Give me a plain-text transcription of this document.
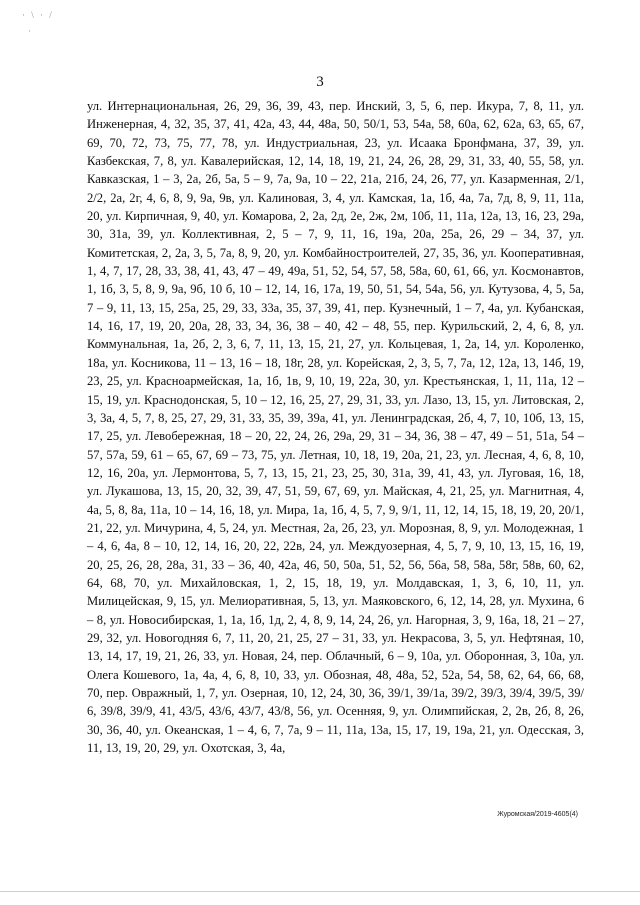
· \ · /
·
3

ул. Интернациональная, 26, 29, 36, 39, 43, пер. Инский, 3, 5, 6, пер. Икура, 7, 8, 11, ул. Инженерная, 4, 32, 35, 37, 41, 42а, 43, 44, 48а, 50, 50/1, 53, 54а, 58, 60а, 62, 62а, 63, 65, 67, 69, 70, 72, 73, 75, 77, 78, ул. Индустриальная, 23, ул. Исаака Бронфмана, 37, 39, ул. Казбекская, 7, 8, ул. Кавалерийская, 12, 14, 18, 19, 21, 24, 26, 28, 29, 31, 33, 40, 55, 58, ул. Кавказская, 1 – 3, 2а, 2б, 5а, 5 – 9, 7а, 9а, 10 – 22, 21а, 21б, 24, 26, 77, ул. Казарменная, 2/1, 2/2, 2а, 2г, 4, 6, 8, 9, 9а, 9в, ул. Калиновая, 3, 4, ул. Камская, 1а, 1б, 4а, 7а, 7д, 8, 9, 11, 11а, 20, ул. Кирпичная, 9, 40, ул. Комарова, 2, 2а, 2д, 2е, 2ж, 2м, 10б, 11, 11а, 12а, 13, 16, 23, 29а, 30, 31а, 39, ул. Коллективная, 2, 5 – 7, 9, 11, 16, 19а, 20а, 25а, 26, 29 – 34, 37, ул. Комитетская, 2, 2а, 3, 5, 7а, 8, 9, 20, ул. Комбайностроителей, 27, 35, 36, ул. Кооперативная, 1, 4, 7, 17, 28, 33, 38, 41, 43, 47 – 49, 49а, 51, 52, 54, 57, 58, 58а, 60, 61, 66, ул. Космонавтов, 1, 1б, 3, 5, 8, 9, 9а, 9б, 10 б, 10 – 12, 14, 16, 17а, 19, 50, 51, 54, 54а, 56, ул. Кутузова, 4, 5, 5а, 7 – 9, 11, 13, 15, 25а, 25, 29, 33, 33а, 35, 37, 39, 41, пер. Кузнечный, 1 – 7, 4а, ул. Кубанская, 14, 16, 17, 19, 20, 20а, 28, 33, 34, 36, 38 – 40, 42 – 48, 55, пер. Курильский, 2, 4, 6, 8, ул. Коммунальная, 1а, 2б, 2, 3, 6, 7, 11, 13, 15, 21, 27, ул. Кольцевая, 1, 2а, 14, ул. Короленко, 18а, ул. Косникова, 11 – 13, 16 – 18, 18г, 28, ул. Корейская, 2, 3, 5, 7, 7а, 12, 12а, 13, 14б, 19, 23, 25, ул. Красноармейская, 1а, 1б, 1в, 9, 10, 19, 22а, 30, ул. Крестьянская, 1, 11, 11а, 12 – 15, 19, ул. Краснодонская, 5, 10 – 12, 16, 25, 27, 29, 31, 33, ул. Лазо, 13, 15, ул. Литовская, 2, 3, 3а, 4, 5, 7, 8, 25, 27, 29, 31, 33, 35, 39, 39а, 41, ул. Ленинградская, 2б, 4, 7, 10, 10б, 13, 15, 17, 25, ул. Левобережная, 18 – 20, 22, 24, 26, 29а, 29, 31 – 34, 36, 38 – 47, 49 – 51, 51а, 54 – 57, 57а, 59, 61 – 65, 67, 69 – 73, 75, ул. Летная, 10, 18, 19, 20а, 21, 23, ул. Лесная, 4, 6, 8, 10, 12, 16, 20а, ул. Лермонтова, 5, 7, 13, 15, 21, 23, 25, 30, 31а, 39, 41, 43, ул. Луговая, 16, 18, ул. Лукашова, 13, 15, 20, 32, 39, 47, 51, 59, 67, 69, ул. Майская, 4, 21, 25, ул. Магнитная, 4, 4а, 5, 8, 8а, 11а, 10 – 14, 16, 18, ул. Мира, 1а, 1б, 4, 5, 7, 9, 9/1, 11, 12, 14, 15, 18, 19, 20, 20/1, 21, 22, ул. Мичурина, 4, 5, 24, ул. Местная, 2а, 2б, 23, ул. Морозная, 8, 9, ул. Молодежная, 1 – 4, 6, 4а, 8 – 10, 12, 14, 16, 20, 22, 22в, 24, ул. Междуозерная, 4, 5, 7, 9, 10, 13, 15, 16, 19, 20, 25, 26, 28, 28а, 31, 33 – 36, 40, 42а, 46, 50, 50а, 51, 52, 56, 56а, 58, 58а, 58г, 58в, 60, 62, 64, 68, 70, ул. Михайловская, 1, 2, 15, 18, 19, ул. Молдавская, 1, 3, 6, 10, 11, ул. Милицейская, 9, 15, ул. Мелиоративная, 5, 13, ул. Маяковского, 6, 12, 14, 28, ул. Мухина, 6 – 8, ул. Новосибирская, 1, 1а, 1б, 1д, 2, 4, 8, 9, 14, 24, 26, ул. Нагорная, 3, 9, 16а, 18, 21 – 27, 29, 32, ул. Новогодняя 6, 7, 11, 20, 21, 25, 27 – 31, 33, ул. Некрасова, 3, 5, ул. Нефтяная, 10, 13, 14, 17, 19, 21, 26, 33, ул. Новая, 24, пер. Облачный, 6 – 9, 10а, ул. Оборонная, 3, 10а, ул. Олега Кошевого, 1а, 4а, 4, 6, 8, 10, 33, ул. Обозная, 48, 48а, 52, 52а, 54, 58, 62, 64, 66, 68, 70, пер. Овражный, 1, 7, ул. Озерная, 10, 12, 24, 30, 36, 39/1, 39/1а, 39/2, 39/3, 39/4, 39/5, 39/ 6, 39/8, 39/9, 41, 43/5, 43/6, 43/7, 43/8, 56, ул. Осенняя, 9, ул. Олимпийская, 2, 2в, 2б, 8, 26, 30, 36, 40, ул. Океанская, 1 – 4, 6, 7, 7а, 9 – 11, 11а, 13а, 15, 17, 19, 19а, 21, ул. Одесская, 3, 11, 13, 19, 20, 29, ул. Охотская, 3, 4а,

Журомская/2019-4605(4)
